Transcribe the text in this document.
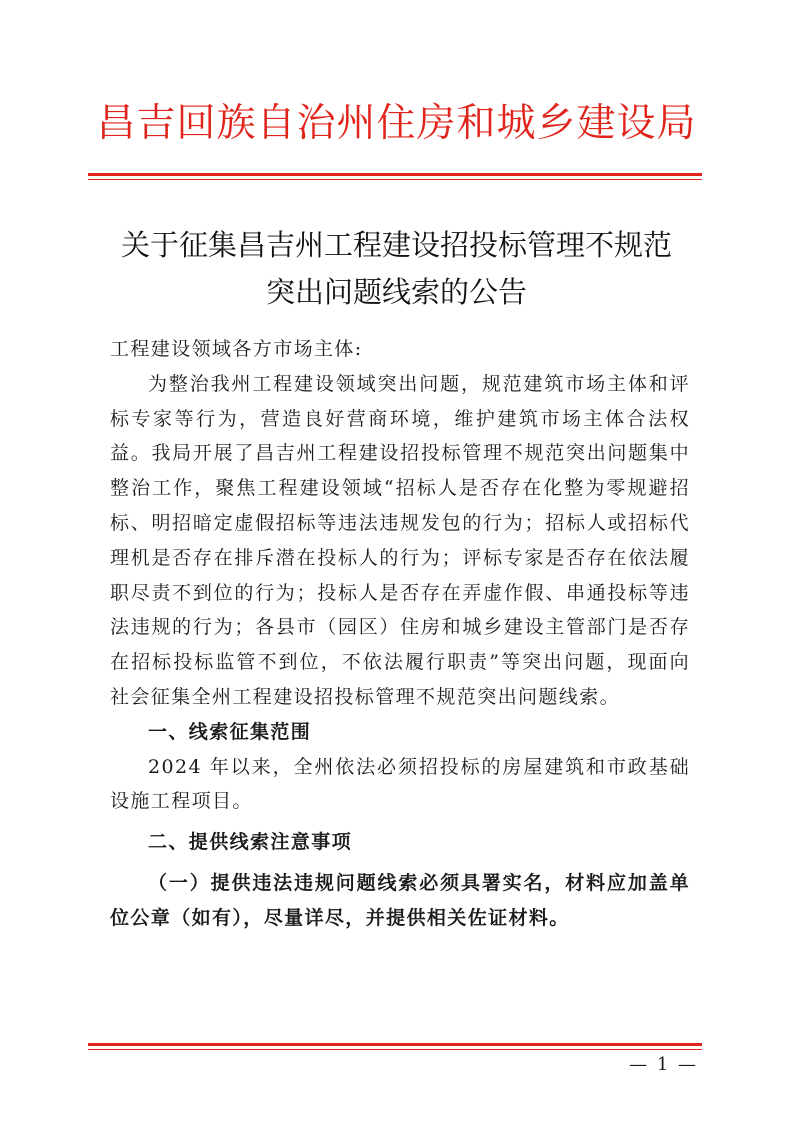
昌吉回族自治州住房和城乡建设局
关于征集昌吉州工程建设招投标管理不规范
突出问题线索的公告

工程建设领域各方市场主体:

为整治我州工程建设领域突出问题，规范建筑市场主体和评标专家等行为，营造良好营商环境，维护建筑市场主体合法权益。我局开展了昌吉州工程建设招投标管理不规范突出问题集中整治工作，聚焦工程建设领域“招标人是否存在化整为零规避招标、明招暗定虚假招标等违法违规发包的行为；招标人或招标代理机是否存在排斥潜在投标人的行为；评标专家是否存在依法履职尽责不到位的行为；投标人是否存在弄虚作假、串通投标等违法违规的行为；各县市（园区）住房和城乡建设主管部门是否存在招标投标监管不到位，不依法履行职责”等突出问题，现面向社会征集全州工程建设招投标管理不规范突出问题线索。

一、线索征集范围

2024 年以来，全州依法必须招投标的房屋建筑和市政基础设施工程项目。

二、提供线索注意事项

（一）提供违法违规问题线索必须具署实名，材料应加盖单位公章（如有），尽量详尽，并提供相关佐证材料。

— 1 —
